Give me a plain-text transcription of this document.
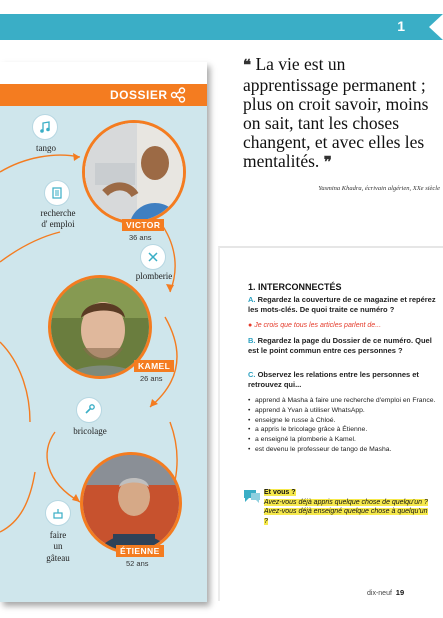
1
DOSSIER
tango
recherche
d' emploi
plomberie
bricolage
faire
un
gâteau
VICTOR
36 ans
KAMEL
26 ans
ÉTIENNE
52 ans
❝ La vie est un apprentissage permanent ; plus on croit savoir, moins on sait, tant les choses changent, et avec elles les mentalités. ❞
Yasmina Khadra, écrivain algérien, XXe siècle
1. INTERCONNECTÉS
A. Regardez la couverture de ce magazine et repérez les mots-clés. De quoi traite ce numéro ?
● Je crois que tous les articles parlent de...
B. Regardez la page du Dossier de ce numéro. Quel est le point commun entre ces personnes ?
C. Observez les relations entre les personnes et retrouvez qui...
• apprend à Masha à faire une recherche d'emploi en France.
• apprend à Yvan à utiliser WhatsApp.
• enseigne le russe à Chloé.
• a appris le bricolage grâce à Étienne.
• a enseigné la plomberie à Kamel.
• est devenu le professeur de tango de Masha.
Et vous ?
Avez-vous déjà appris quelque chose de quelqu'un ? Avez-vous déjà enseigné quelque chose à quelqu'un ?
dix-neuf 19
